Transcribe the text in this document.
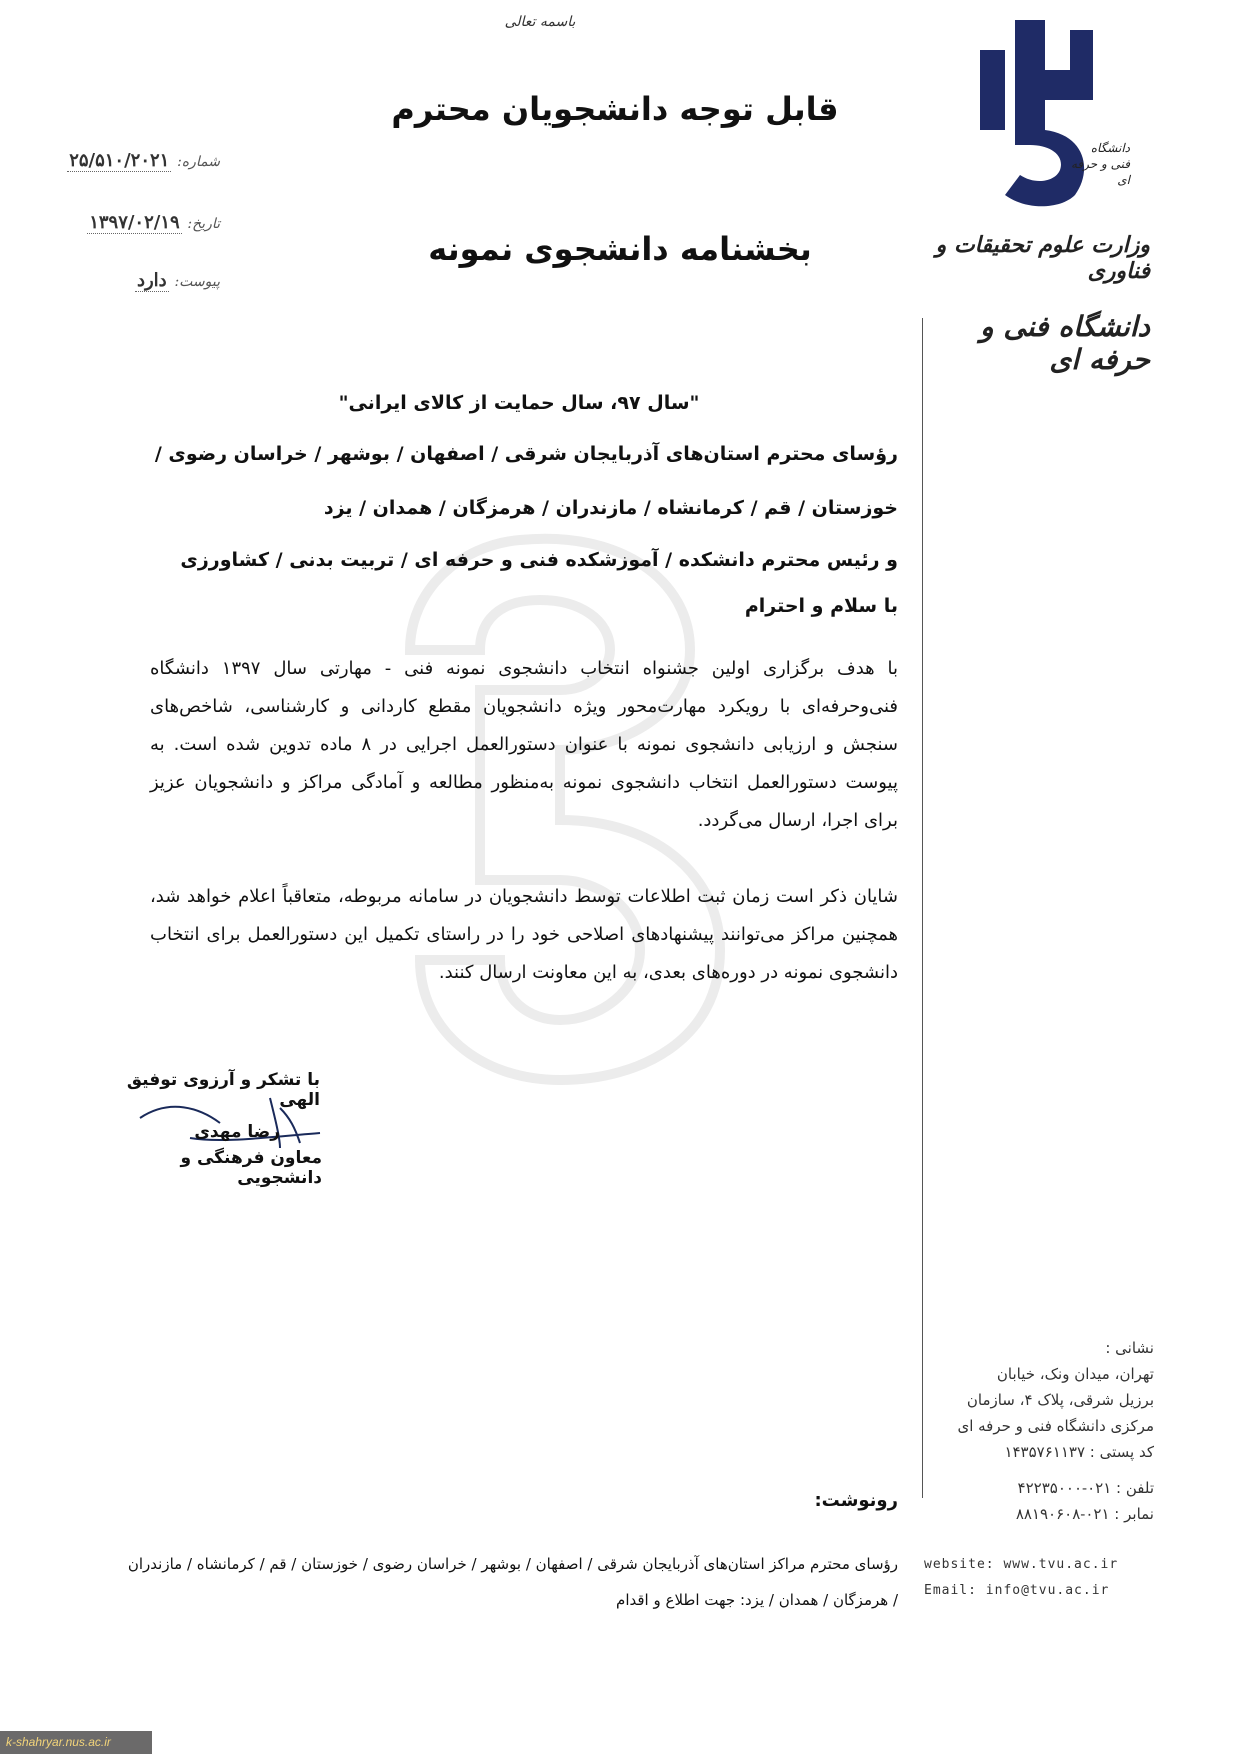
باسمه تعالی
قابل توجه دانشجویان محترم
بخشنامه دانشجوی نمونه
شماره: ۲۵/۵۱۰/۲۰۲۱
تاریخ: ۱۳۹۷/۰۲/۱۹
پیوست: دارد
دانشگاه
فنی و حرفه ای
وزارت علوم تحقیقات و فناوری
دانشگاه فنی و حرفه ای
"سال ۹۷، سال حمایت از کالای ایرانی"
رؤسای محترم استان‌های آذربایجان شرقی / اصفهان / بوشهر / خراسان رضوی /
خوزستان / قم / کرمانشاه / مازندران / هرمزگان / همدان / یزد
و رئیس محترم دانشکده / آموزشکده فنی و حرفه ای / تربیت بدنی / کشاورزی
با سلام و احترام
با هدف برگزاری اولین جشنواه انتخاب دانشجوی نمونه فنی - مهارتی سال ۱۳۹۷ دانشگاه فنی‌وحرفه‌ای با رویکرد مهارت‌محور ویژه دانشجویان مقطع کاردانی و کارشناسی، شاخص‌های سنجش و ارزیابی دانشجوی نمونه با عنوان دستورالعمل اجرایی در ۸ ماده تدوین شده است. به پیوست دستورالعمل انتخاب دانشجوی نمونه به‌منظور مطالعه و آمادگی مراکز و دانشجویان عزیز برای اجرا، ارسال می‌گردد.
شایان ذکر است زمان ثبت اطلاعات توسط دانشجویان در سامانه مربوطه، متعاقباً اعلام خواهد شد، همچنین مراکز می‌توانند پیشنهادهای اصلاحی خود را در راستای تکمیل این دستورالعمل برای انتخاب دانشجوی نمونه در دوره‌های بعدی، به این معاونت ارسال کنند.
با تشکر و آرزوی توفیق الهی
رضا مهدی
معاون فرهنگی و دانشجویی
نشانی :
تهران، میدان ونک، خیابان
برزیل شرقی، پلاک ۴، سازمان
مرکزی دانشگاه فنی و حرفه ای
کد پستی : ۱۴۳۵۷۶۱۱۳۷
تلفن : ۰۲۱-۴۲۲۳۵۰۰۰
نمابر : ۰۲۱-۸۸۱۹۰۶۰۸
website: www.tvu.ac.ir
Email: info@tvu.ac.ir
رونوشت:
رؤسای محترم مراکز استان‌های آذربایجان شرقی / اصفهان / بوشهر / خراسان رضوی / خوزستان / قم / کرمانشاه / مازندران
/ هرمزگان / همدان / یزد: جهت اطلاع و اقدام
k-shahryar.nus.ac.ir
